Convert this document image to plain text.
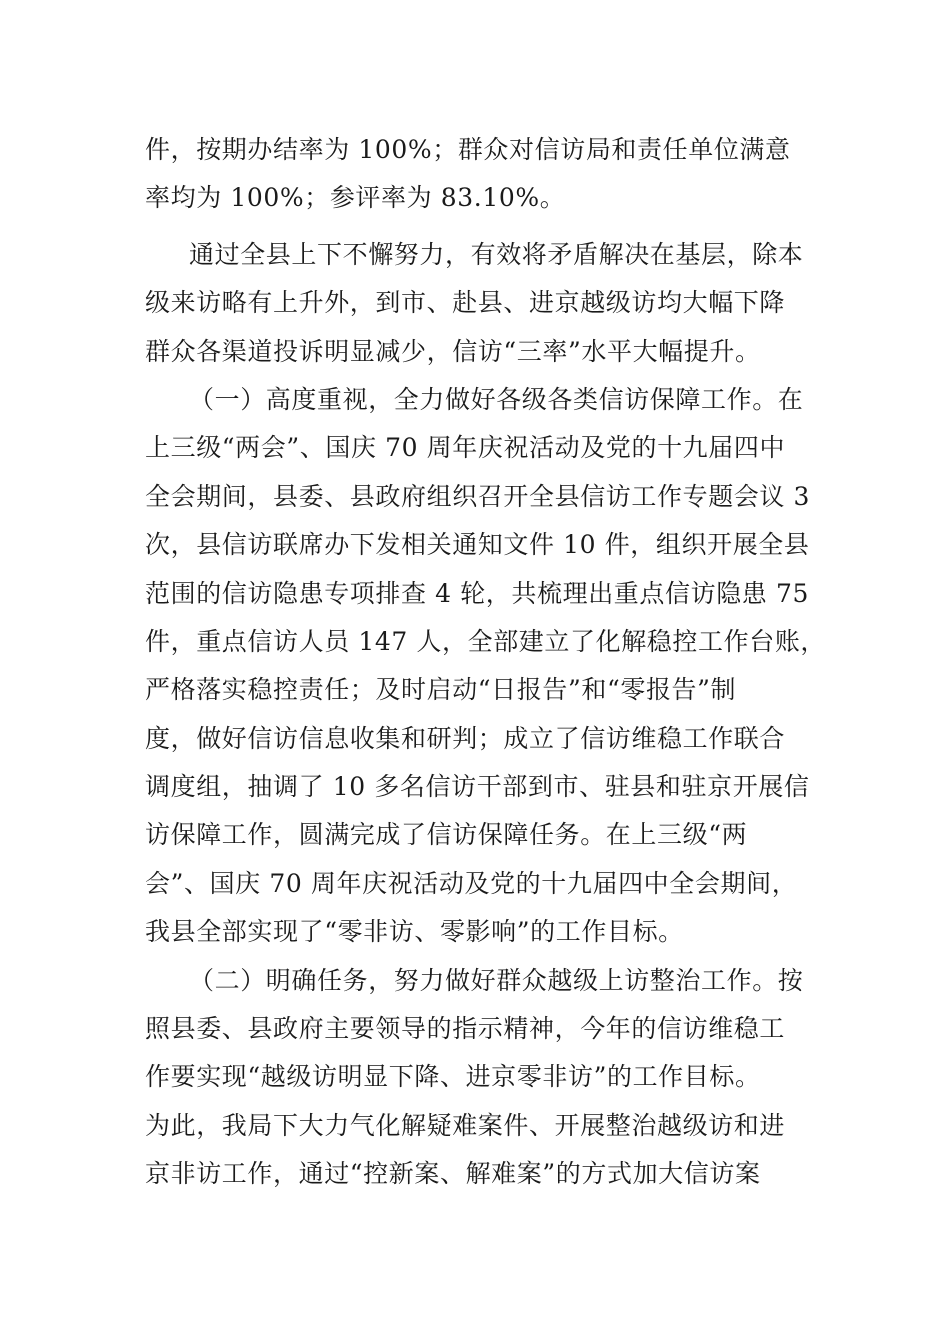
件，按期办结率为 100%；群众对信访局和责任单位满意
率均为 100%；参评率为 83.10%。
通过全县上下不懈努力，有效将矛盾解决在基层，除本
级来访略有上升外，到市、赴县、进京越级访均大幅下降
群众各渠道投诉明显减少，信访“三率”水平大幅提升。
（一）高度重视，全力做好各级各类信访保障工作。在
上三级“两会”、国庆 70 周年庆祝活动及党的十九届四中
全会期间，县委、县政府组织召开全县信访工作专题会议 3
次，县信访联席办下发相关通知文件 10 件，组织开展全县
范围的信访隐患专项排查 4 轮，共梳理出重点信访隐患 75
件，重点信访人员 147 人，全部建立了化解稳控工作台账，
严格落实稳控责任；及时启动“日报告”和“零报告”制
度，做好信访信息收集和研判；成立了信访维稳工作联合
调度组，抽调了 10 多名信访干部到市、驻县和驻京开展信
访保障工作，圆满完成了信访保障任务。在上三级“两
会”、国庆 70 周年庆祝活动及党的十九届四中全会期间，
我县全部实现了“零非访、零影响”的工作目标。
（二）明确任务，努力做好群众越级上访整治工作。按
照县委、县政府主要领导的指示精神，今年的信访维稳工
作要实现“越级访明显下降、进京零非访”的工作目标。
为此，我局下大力气化解疑难案件、开展整治越级访和进
京非访工作，通过“控新案、解难案”的方式加大信访案
